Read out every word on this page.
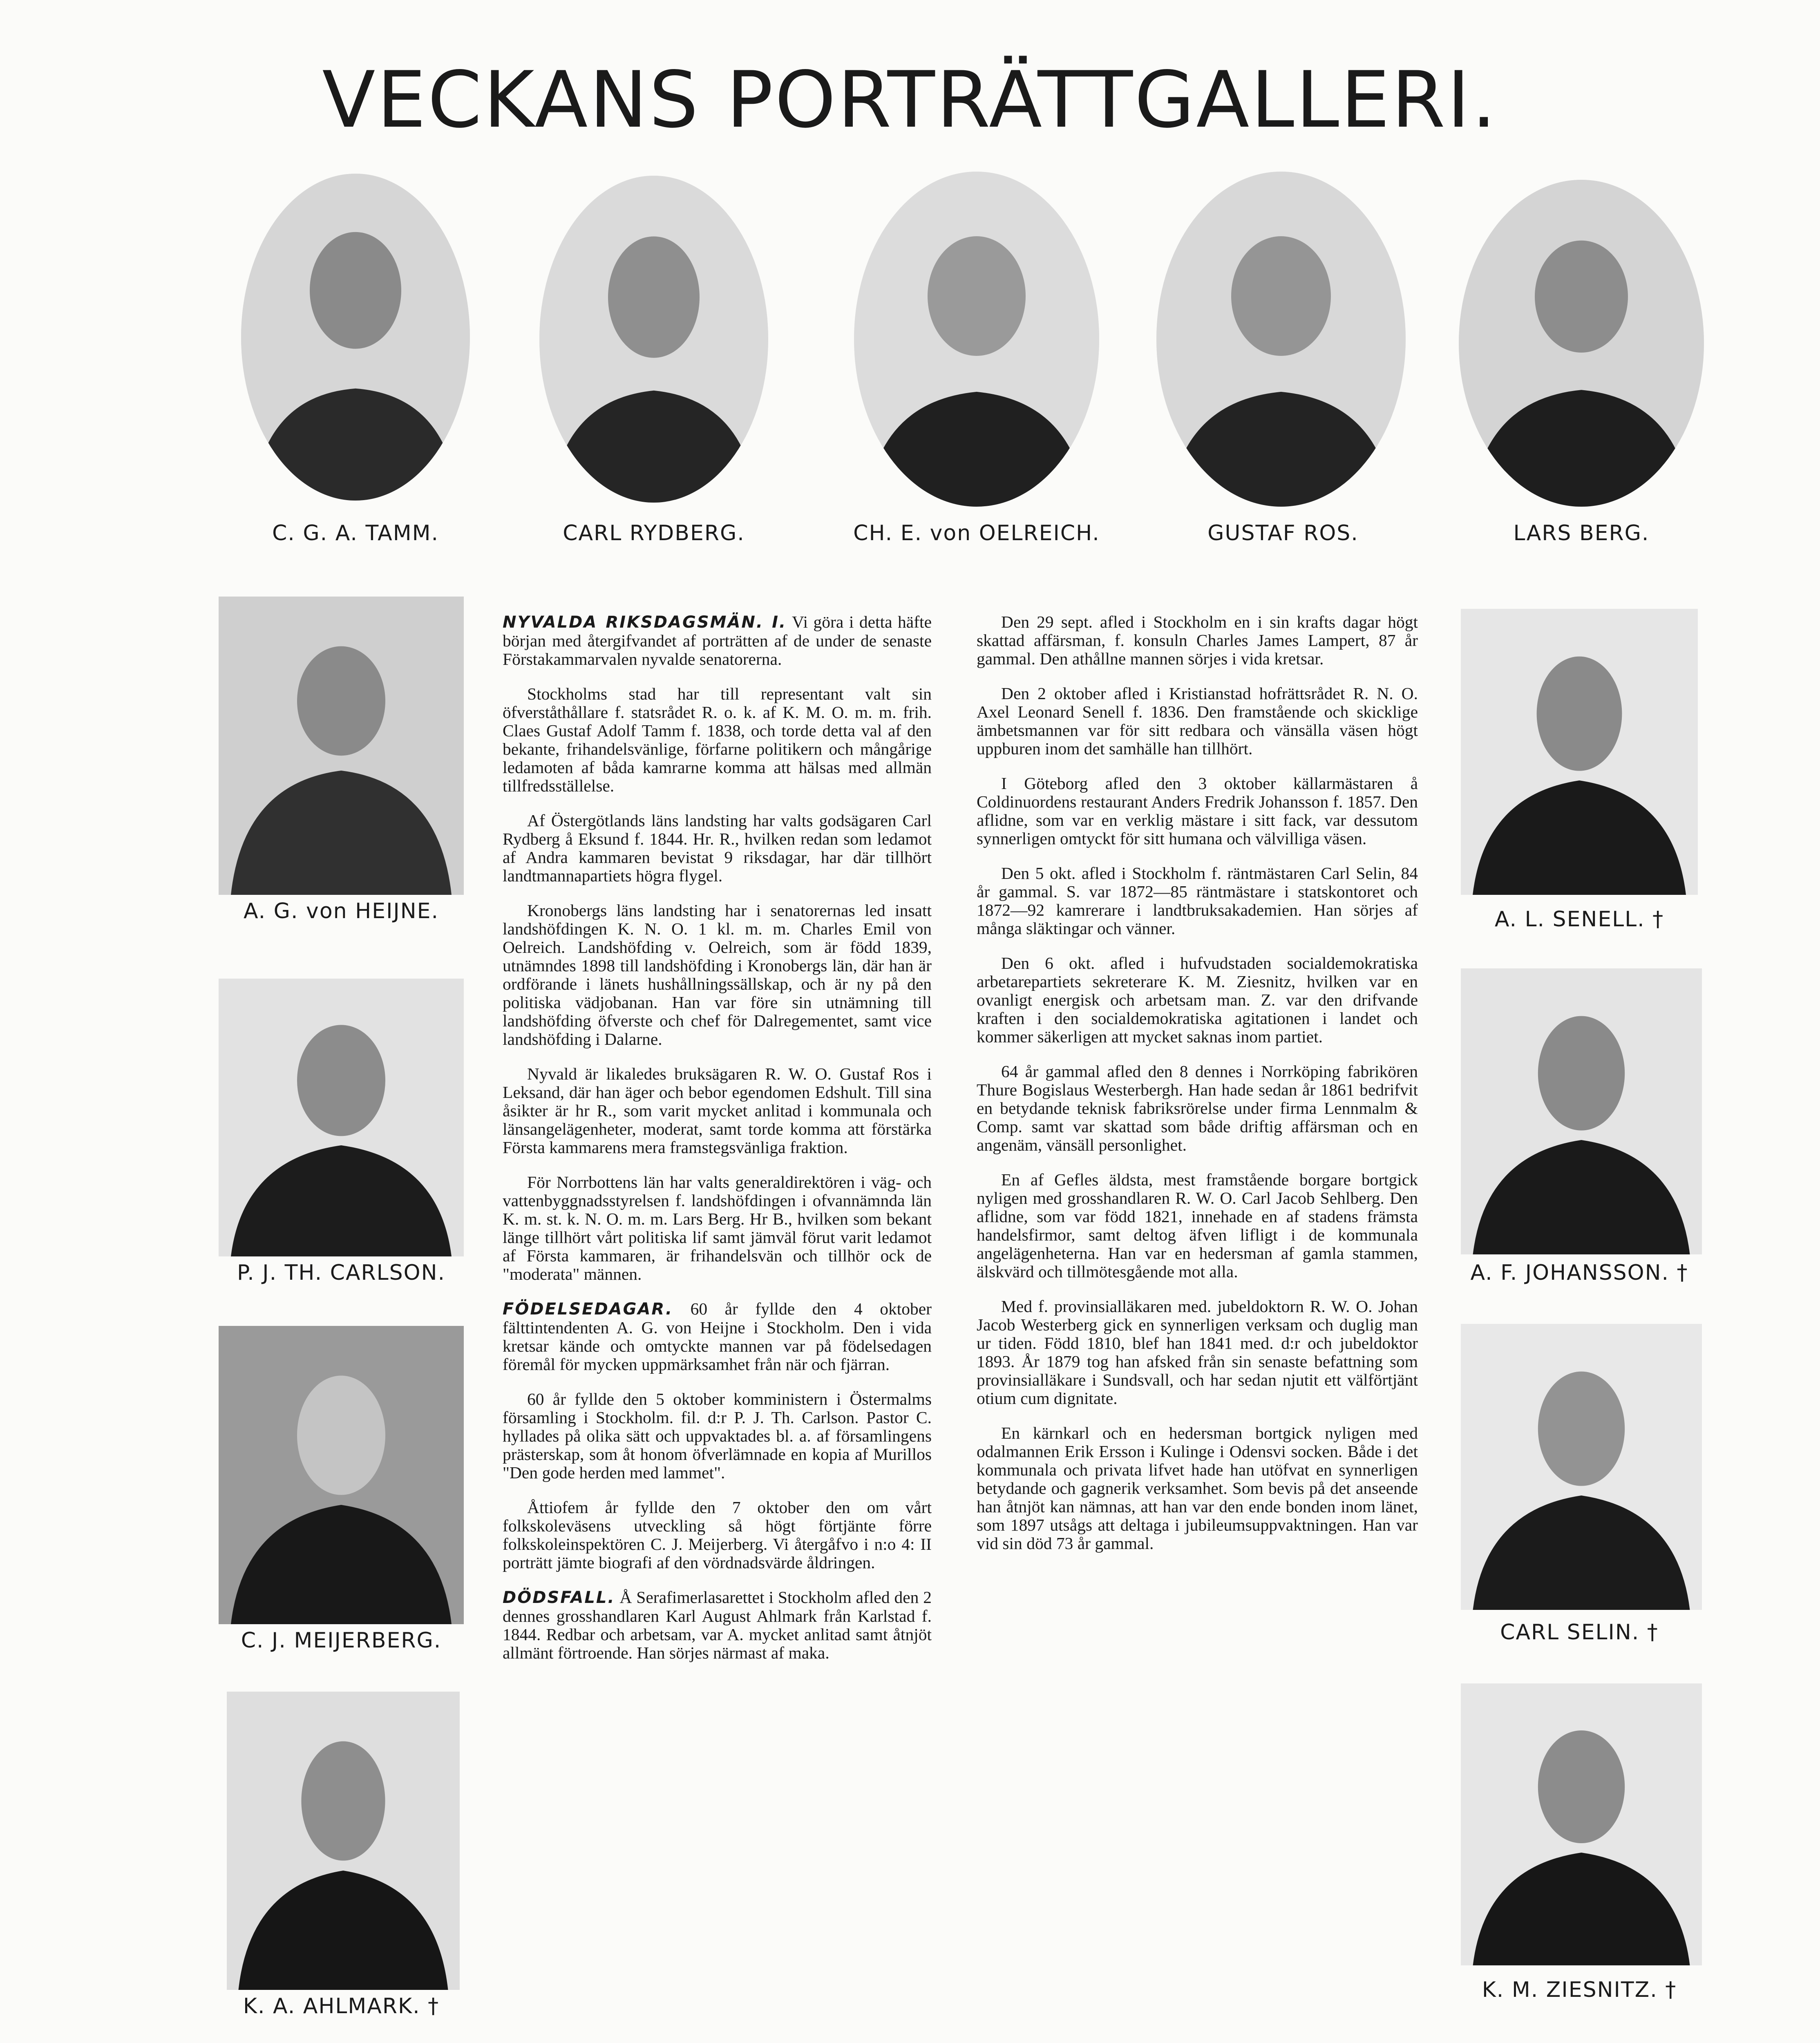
VECKANS PORTRÄTTGALLERI.
C. G. A. TAMM.	CARL RYDBERG.	CH. E. von OELREICH.	GUSTAF ROS.	LARS BERG.
A. G. von HEIJNE.
P. J. TH. CARLSON.
C. J. MEIJERBERG.
K. A. AHLMARK. †
A. L. SENELL. †
A. F. JOHANSSON. †
CARL SELIN. †
K. M. ZIESNITZ. †

NYVALDA RIKSDAGSMÄN. I. Vi göra i detta häfte början med återgifvandet af porträtten af de under de senaste Förstakammarvalen nyvalde senatorerna.

Stockholms stad har till representant valt sin öfverståthållare f. statsrådet R. o. k. af K. M. O. m. m. frih. Claes Gustaf Adolf Tamm f. 1838, och torde detta val af den bekante, frihandelsvänlige, förfarne politikern och mångårige ledamoten af båda kamrarne komma att hälsas med allmän tillfredsställelse.

Af Östergötlands läns landsting har valts godsägaren Carl Rydberg å Eksund f. 1844. Hr. R., hvilken redan som ledamot af Andra kammaren bevistat 9 riksdagar, har där tillhört landtmannapartiets högra flygel.

Kronobergs läns landsting har i senatorernas led insatt landshöfdingen K. N. O. 1 kl. m. m. Charles Emil von Oelreich. Landshöfding v. Oelreich, som är född 1839, utnämndes 1898 till landshöfding i Kronobergs län, där han är ordförande i länets hushållningssällskap, och är ny på den politiska vädjobanan. Han var före sin utnämning till landshöfding öfverste och chef för Dalregementet, samt vice landshöfding i Dalarne.

Nyvald är likaledes bruksägaren R. W. O. Gustaf Ros i Leksand, där han äger och bebor egendomen Edshult. Till sina åsikter är hr R., som varit mycket anlitad i kommunala och länsangelägenheter, moderat, samt torde komma att förstärka Första kammarens mera framstegsvänliga fraktion.

För Norrbottens län har valts generaldirektören i väg- och vattenbyggnadsstyrelsen f. landshöfdingen i ofvannämnda län K. m. st. k. N. O. m. m. Lars Berg. Hr B., hvilken som bekant länge tillhört vårt politiska lif samt jämväl förut varit ledamot af Första kammaren, är frihandelsvän och tillhör ock de "moderata" männen.

FÖDELSEDAGAR. 60 år fyllde den 4 oktober fälttintendenten A. G. von Heijne i Stockholm. Den i vida kretsar kände och omtyckte mannen var på födelsedagen föremål för mycken uppmärksamhet från när och fjärran.

60 år fyllde den 5 oktober komministern i Östermalms församling i Stockholm. fil. d:r P. J. Th. Carlson. Pastor C. hyllades på olika sätt och uppvaktades bl. a. af församlingens prästerskap, som åt honom öfverlämnade en kopia af Murillos "Den gode herden med lammet".

Åttiofem år fyllde den 7 oktober den om vårt folkskoleväsens utveckling så högt förtjänte förre folkskoleinspektören C. J. Meijerberg. Vi återgåfvo i n:o 4: II porträtt jämte biografi af den vördnadsvärde åldringen.

DÖDSFALL. Å Serafimerlasarettet i Stockholm afled den 2 dennes grosshandlaren Karl August Ahlmark från Karlstad f. 1844. Redbar och arbetsam, var A. mycket anlitad samt åtnjöt allmänt förtroende. Han sörjes närmast af maka.

Den 29 sept. afled i Stockholm en i sin krafts dagar högt skattad affärsman, f. konsuln Charles James Lampert, 87 år gammal. Den athållne mannen sörjes i vida kretsar.

Den 2 oktober afled i Kristianstad hofrättsrådet R. N. O. Axel Leonard Senell f. 1836. Den framstående och skicklige ämbetsmannen var för sitt redbara och vänsälla väsen högt uppburen inom det samhälle han tillhört.

I Göteborg afled den 3 oktober källarmästaren å Coldinuordens restaurant Anders Fredrik Johansson f. 1857. Den aflidne, som var en verklig mästare i sitt fack, var dessutom synnerligen omtyckt för sitt humana och välvilliga väsen.

Den 5 okt. afled i Stockholm f. räntmästaren Carl Selin, 84 år gammal. S. var 1872—85 räntmästare i statskontoret och 1872—92 kamrerare i landtbruksakademien. Han sörjes af många släktingar och vänner.

Den 6 okt. afled i hufvudstaden socialdemokratiska arbetarepartiets sekreterare K. M. Ziesnitz, hvilken var en ovanligt energisk och arbetsam man. Z. var den drifvande kraften i den socialdemokratiska agitationen i landet och kommer säkerligen att mycket saknas inom partiet.

64 år gammal afled den 8 dennes i Norrköping fabrikören Thure Bogislaus Westerbergh. Han hade sedan år 1861 bedrifvit en betydande teknisk fabriksrörelse under firma Lennmalm & Comp. samt var skattad som både driftig affärsman och en angenäm, vänsäll personlighet.

En af Gefles äldsta, mest framstående borgare bortgick nyligen med grosshandlaren R. W. O. Carl Jacob Sehlberg. Den aflidne, som var född 1821, innehade en af stadens främsta handelsfirmor, samt deltog äfven lifligt i de kommunala angelägenheterna. Han var en hedersman af gamla stammen, älskvärd och tillmötesgående mot alla.

Med f. provinsialläkaren med. jubeldoktorn R. W. O. Johan Jacob Westerberg gick en synnerligen verksam och duglig man ur tiden. Född 1810, blef han 1841 med. d:r och jubeldoktor 1893. År 1879 tog han afsked från sin senaste befattning som provinsialläkare i Sundsvall, och har sedan njutit ett välförtjänt otium cum dignitate.

En kärnkarl och en hedersman bortgick nyligen med odalmannen Erik Ersson i Kulinge i Odensvi socken. Både i det kommunala och privata lifvet hade han utöfvat en synnerligen betydande och gagnerik verksamhet. Som bevis på det anseende han åtnjöt kan nämnas, att han var den ende bonden inom länet, som 1897 utsågs att deltaga i jubileumsuppvaktningen. Han var vid sin död 73 år gammal.
